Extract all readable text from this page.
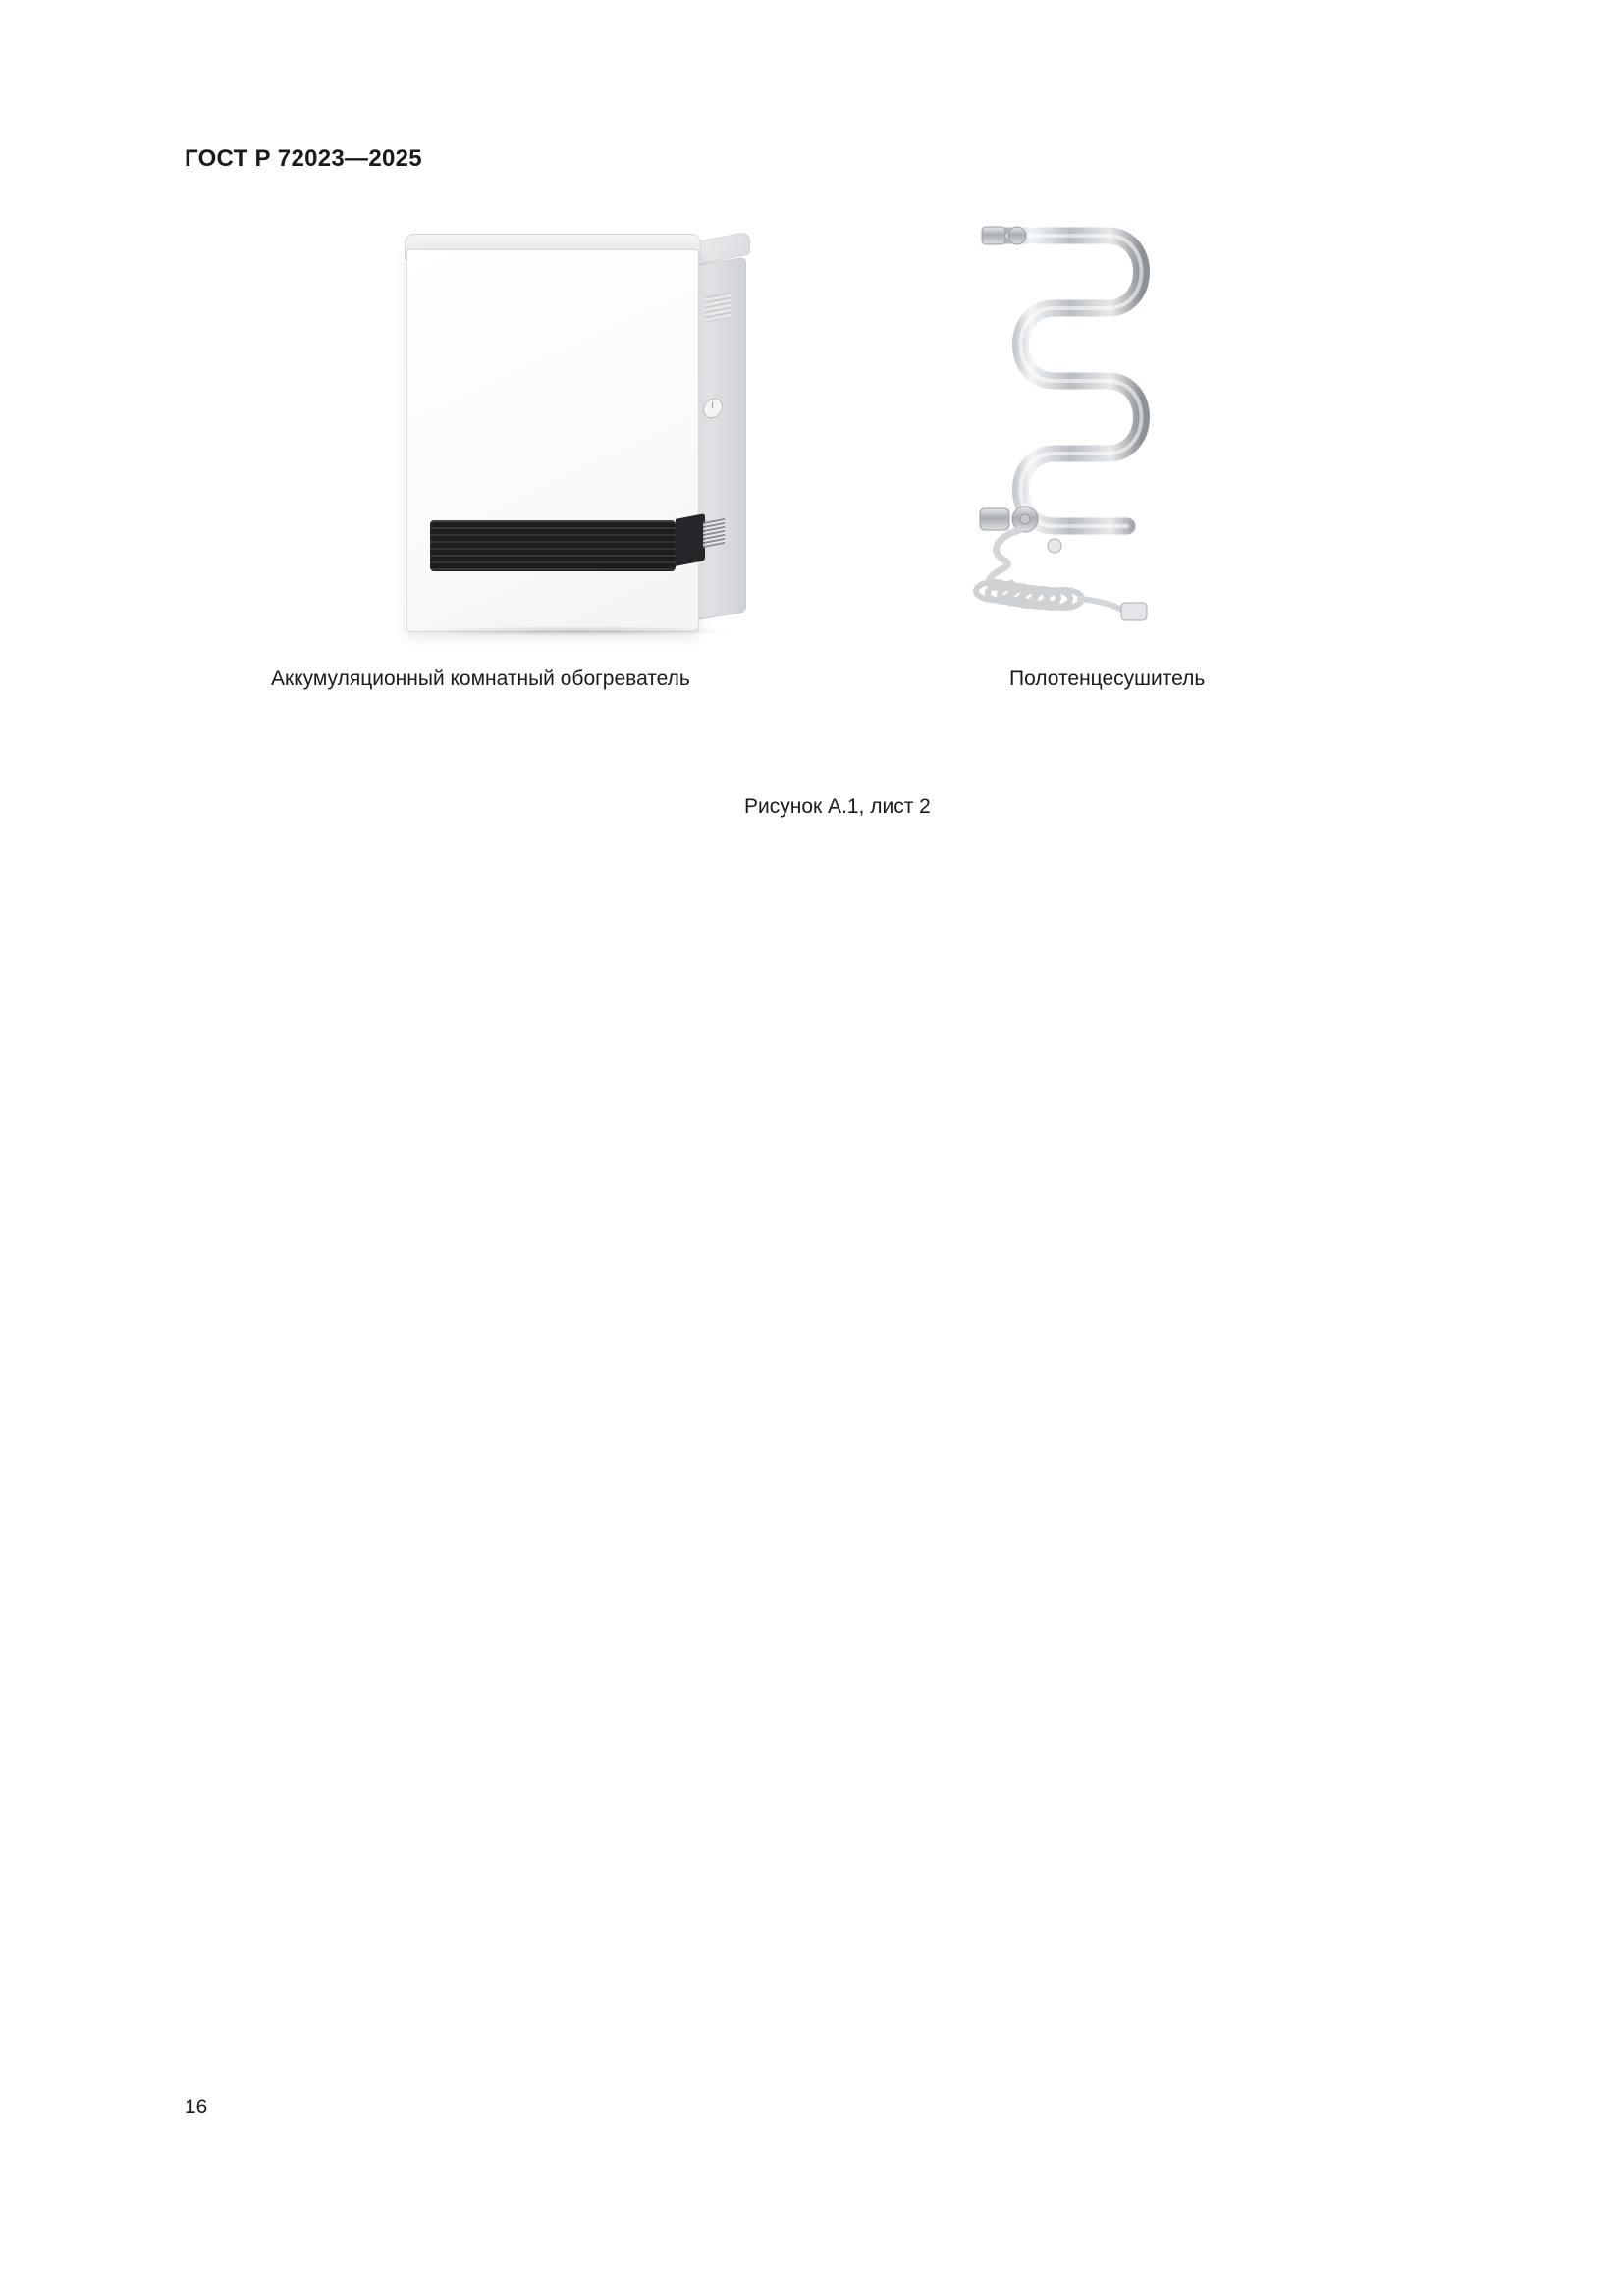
ГОСТ Р 72023—2025
Аккумуляционный комнатный обогреватель	Полотенцесушитель
Рисунок А.1, лист 2
16
